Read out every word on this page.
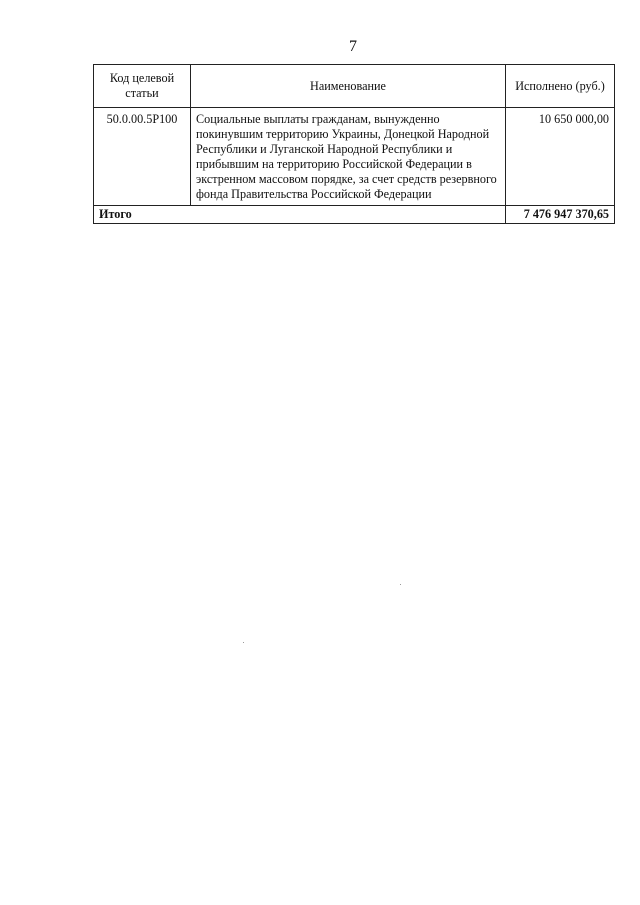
7
Код целевой статьи	Наименование	Исполнено (руб.)
50.0.00.5Р100	Социальные выплаты гражданам, вынужденно покинувшим территорию Украины, Донецкой Народной Республики и Луганской Народной Республики и прибывшим на территорию Российской Федерации в экстренном массовом порядке, за счет средств резервного фонда Правительства Российской Федерации	10 650 000,00
Итого		7 476 947 370,65
